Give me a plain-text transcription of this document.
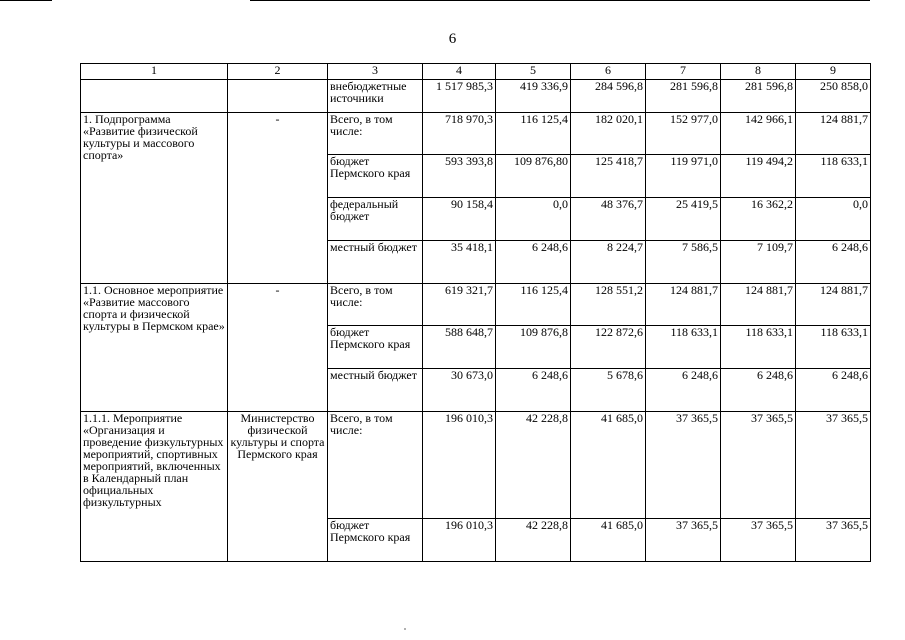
6
1	2	3	4	5	6	7	8	9
		внебюджетные источники	1 517 985,3	419 336,9	284 596,8	281 596,8	281 596,8	250 858,0
1. Подпрограмма «Развитие физической культуры и массового спорта»	-	Всего, в том числе:	718 970,3	116 125,4	182 020,1	152 977,0	142 966,1	124 881,7
		бюджет Пермского края	593 393,8	109 876,80	125 418,7	119 971,0	119 494,2	118 633,1
		федеральный бюджет	90 158,4	0,0	48 376,7	25 419,5	16 362,2	0,0
		местный бюджет	35 418,1	6 248,6	8 224,7	7 586,5	7 109,7	6 248,6
1.1. Основное мероприятие «Развитие массового спорта и физической культуры в Пермском крае»	-	Всего, в том числе:	619 321,7	116 125,4	128 551,2	124 881,7	124 881,7	124 881,7
		бюджет Пермского края	588 648,7	109 876,8	122 872,6	118 633,1	118 633,1	118 633,1
		местный бюджет	30 673,0	6 248,6	5 678,6	6 248,6	6 248,6	6 248,6
1.1.1. Мероприятие «Организация и проведение физкультурных мероприятий, спортивных мероприятий, включенных в Календарный план официальных физкультурных	Министерство физической культуры и спорта Пермского края	Всего, в том числе:	196 010,3	42 228,8	41 685,0	37 365,5	37 365,5	37 365,5
		бюджет Пермского края	196 010,3	42 228,8	41 685,0	37 365,5	37 365,5	37 365,5
